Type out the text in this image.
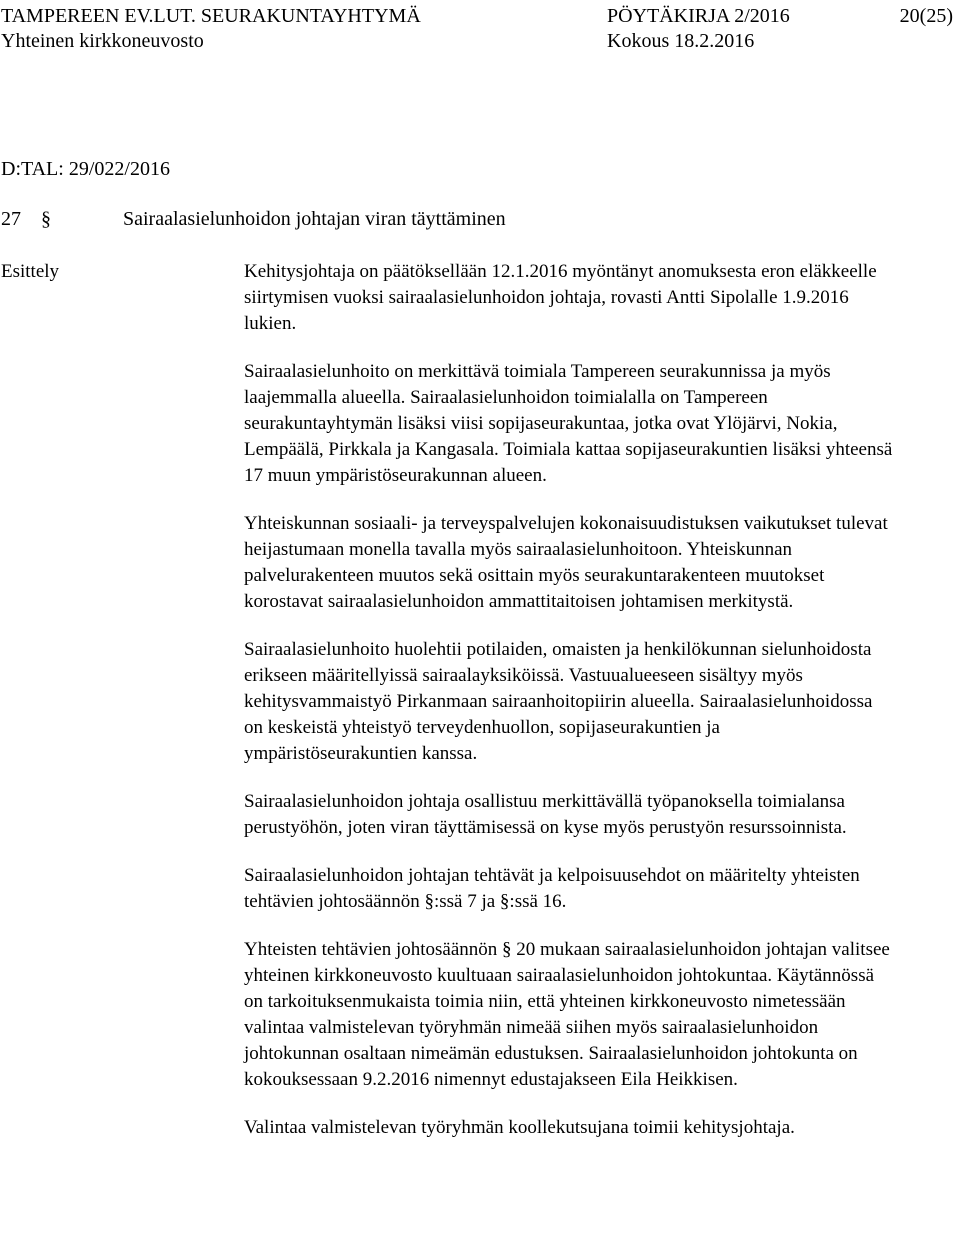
TAMPEREEN EV.LUT. SEURAKUNTAYHTYMÄ	PÖYTÄKIRJA 2/2016	20(25)
Yhteinen kirkkoneuvosto	Kokous 18.2.2016
D:TAL: 29/022/2016
27 §	Sairaalasielunhoidon johtajan viran täyttäminen
Esittely	Kehitysjohtaja on päätöksellään 12.1.2016 myöntänyt anomuksesta eron eläkkeelle siirtymisen vuoksi sairaalasielunhoidon johtaja, rovasti Antti Sipolalle 1.9.2016 lukien.

Sairaalasielunhoito on merkittävä toimiala Tampereen seurakunnissa ja myös laajemmalla alueella. Sairaalasielunhoidon toimialalla on Tampereen seurakuntayhtymän lisäksi viisi sopijaseurakuntaa, jotka ovat Ylöjärvi, Nokia, Lempäälä, Pirkkala ja Kangasala. Toimiala kattaa sopijaseurakuntien lisäksi yhteensä 17 muun ympäristöseurakunnan alueen.

Yhteiskunnan sosiaali- ja terveyspalvelujen kokonaisuudistuksen vaikutukset tulevat heijastumaan monella tavalla myös sairaalasielunhoitoon. Yhteiskunnan palvelurakenteen muutos sekä osittain myös seurakuntarakenteen muutokset korostavat sairaalasielunhoidon ammattitaitoisen johtamisen merkitystä.

Sairaalasielunhoito huolehtii potilaiden, omaisten ja henkilökunnan sielunhoidosta erikseen määritellyissä sairaalayksiköissä. Vastuualueeseen sisältyy myös kehitysvammaistyö Pirkanmaan sairaanhoitopiirin alueella. Sairaalasielunhoidossa on keskeistä yhteistyö terveydenhuollon, sopijaseurakuntien ja ympäristöseurakuntien kanssa.

Sairaalasielunhoidon johtaja osallistuu merkittävällä työpanoksella toimialansa perustyöhön, joten viran täyttämisessä on kyse myös perustyön resurssoinnista.

Sairaalasielunhoidon johtajan tehtävät ja kelpoisuusehdot on määritelty yhteisten tehtävien johtosäännön §:ssä 7 ja §:ssä 16.

Yhteisten tehtävien johtosäännön § 20 mukaan sairaalasielunhoidon johtajan valitsee yhteinen kirkkoneuvosto kuultuaan sairaalasielunhoidon johtokuntaa. Käytännössä on tarkoituksenmukaista toimia niin, että yhteinen kirkkoneuvosto nimetessään valintaa valmistelevan työryhmän nimeää siihen myös sairaalasielunhoidon johtokunnan osaltaan nimeämän edustuksen. Sairaalasielunhoidon johtokunta on kokouksessaan 9.2.2016 nimennyt edustajakseen Eila Heikkisen.

Valintaa valmistelevan työryhmän koollekutsujana toimii kehitysjohtaja.
